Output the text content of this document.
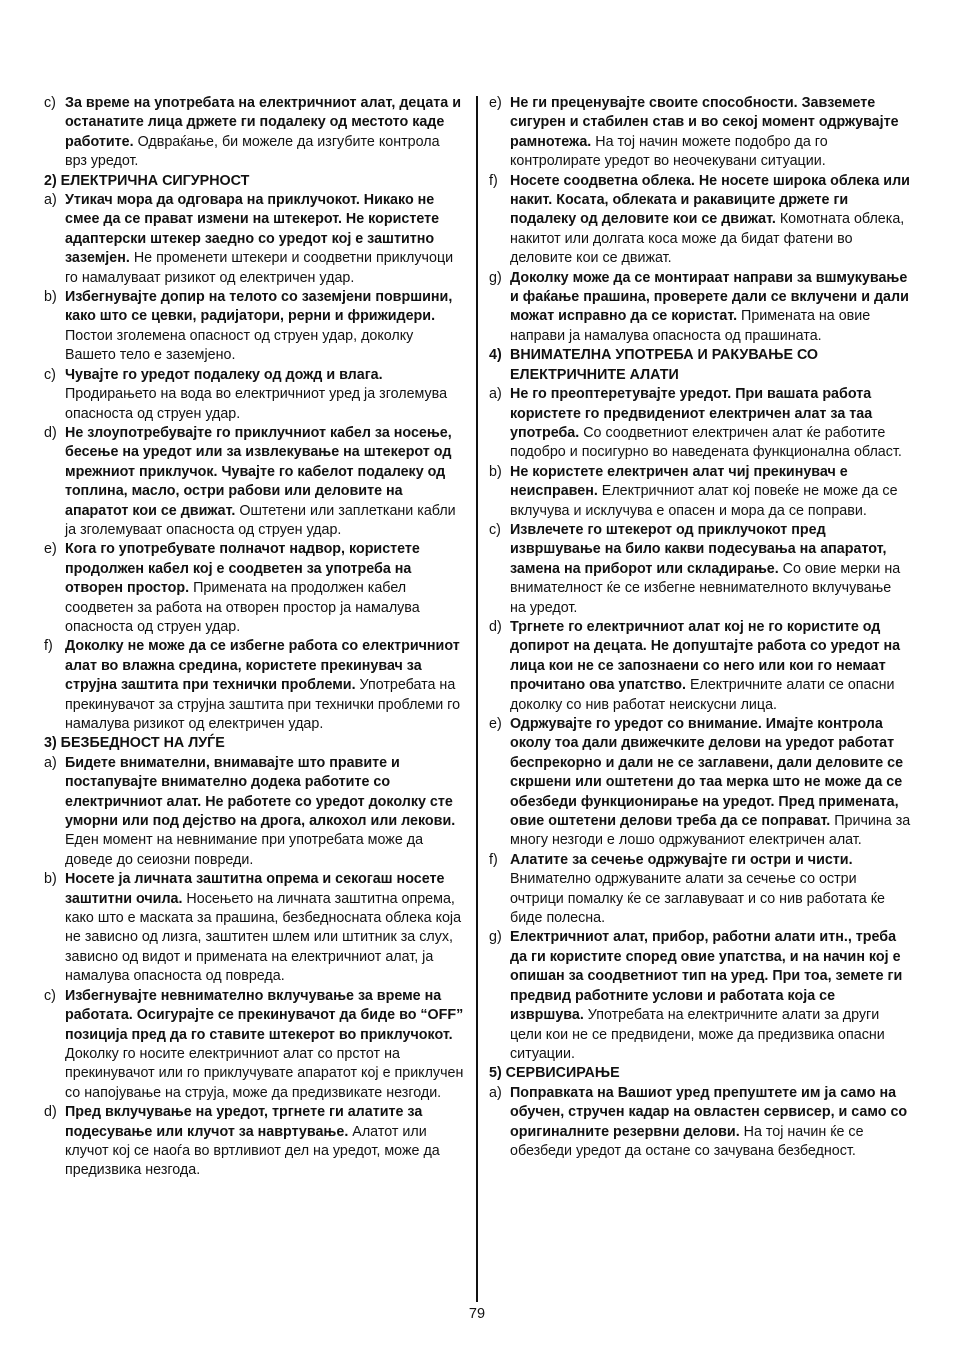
c) За време на употребата на електричниот алат, децата и останатите лица држете ги подалеку од местото каде работите. Одвраќање, би можеле да изгубите контрола врз уредот.
2) ЕЛЕКТРИЧНА СИГУРНОСТ
a) Утикач мора да одговара на приклучокот. Никако не смее да се прават измени на штекерот. Не користете адаптерски штекер заедно со уредот кој е заштитно заземјен. Не променети штекери и соодветни приклучоци го намалуваат ризикот од електричен удар.
b) Избегнувајте допир на телото со заземјени површини, како што се цевки, радијатори, рерни и фрижидери. Постои зголемена опасност од струен удар, доколку Вашето тело е заземјено.
c) Чувајте го уредот подалеку од дожд и влага. Продирањето на вода во електричниот уред ја зголемува опасноста од струен удар.
d) Не злоупотребувајте го приклучниот кабел за носење, бесење на уредот или за извлекување на штекерот од мрежниот приклучок. Чувајте го кабелот подалеку од топлина, масло, остри рабови или деловите на апаратот кои се движат. Оштетени или заплеткани кабли ја зголемуваат опасноста од струен удар.
e) Кога го употребувате полначот надвор, користете продолжен кабел кој е соодветен за употреба на отворен простор. Примената на продолжен кабел соодветен за работа на отворен простор ја намалува опасноста од струен удар.
f) Доколку не може да се избегне работа со електричниот алат во влажна средина, користете прекинувач за струјна заштита при технички проблеми. Употребата на прекинувачот за струјна заштита при технички проблеми го намалува ризикот од електричен удар.
3) БЕЗБЕДНОСТ НА ЛУЃЕ
a) Бидете внимателни, внимавајте што правите и постапувајте внимателно додека работите со електричниот алат. Не работете со уредот доколку сте уморни или под дејство на дрога, алкохол или лекови. Еден момент на невнимание при употребата може да доведе до сеиозни повреди.
b) Носете ја личната заштитна опрема и секогаш носете заштитни очила. Носењето на личната заштитна опрема, како што е маската за прашина, безбедносната облека која не зависно од лизга, заштитен шлем или штитник за слух, зависно од видот и примената на електричниот алат, ја намалува опасноста од повреда.
c) Избегнувајте невнимателно вклучување за време на работата. Осигурајте се прекинувачот да биде во “OFF” позиција пред да го ставите штекерот во приклучокот. Доколку го носите електричниот алат со прстот на прекинувачот или го приклучувате апаратот кој е приклучен со напојување на струја, може да предизвикате незгоди.
d) Пред вклучување на уредот, тргнете ги алатите за подесување или клучот за навртување. Алатот или клучот кој се наоѓа во вртливиот дел на уредот, може да предизвика незгода.
e) Не ги преценувајте своите способности. Завземете сигурен и стабилен став и во секој момент одржувајте рамнотежа. На тој начин можете подобро да го контролирате уредот во неочекувани ситуации.
f) Носете соодветна облека. Не носете широка облека или накит. Косата, облеката и ракавиците држете ги подалеку од деловите кои се движат. Комотната облека, накитот или долгата коса може да бидат фатени во деловите кои се движат.
g) Доколку може да се монтираат направи за вшмукување и фаќање прашина, проверете дали се вклучени и дали можат исправно да се користат. Примената на овие направи ја намалува опасноста од прашината.
4) ВНИМАТЕЛНА УПОТРЕБА И РАКУВАЊЕ СО ЕЛЕКТРИЧНИТЕ АЛАТИ
a) Не го преоптеретувајте уредот. При вашата работа користете го предвидениот електричен алат за таа употреба. Со соодветниот електричен алат ќе работите подобро и посигурно во наведената функционална област.
b) Не користете електричен алат чиј прекинувач е неисправен. Електричниот алат кој повеќе не може да се вклучува и исклучува е опасен и мора да се поправи.
c) Извлечете го штекерот од приклучокот пред извршување на било какви подесувања на апаратот, замена на приборот или складирање. Со овие мерки на внимателност ќе се избегне невнимателното вклучување на уредот.
d) Тргнете го електричниот алат кој не го користите од допирот на децата. Не допуштајте работа со уредот на лица кои не се запознаени со него или кои го немаат прочитано ова упатство. Електричните алати се опасни доколку со нив работат неискусни лица.
e) Одржувајте го уредот со внимание. Имајте контрола околу тоа дали движечките делови на уредот работат беспрекорно и дали не се заглавени, дали деловите се скршени или оштетени до таа мерка што не може да се обезбеди функционирање на уредот. Пред примената, овие оштетени делови треба да се поправат. Причина за многу незгоди е лошо одржуваниот електричен алат.
f) Алатите за сечење одржувајте ги остри и чисти. Внимателно одржуваните алати за сечење со остри очтрици помалку ќе се заглавуваат и со нив работата ќе биде полесна.
g) Електричниот алат, прибор, работни алати итн., треба да ги користите според овие упатства, и на начин кој е опишан за соодветниот тип на уред. При тоа, земете ги предвид работните услови и работата која се извршува. Употребата на електричните алати за други цели кои не се предвидени, може да предизвика опасни ситуации.
5) СЕРВИСИРАЊЕ
a) Поправката на Вашиот уред препуштете им ја само на обучен, стручен кадар на овластен сервисер, и само со оригиналните резервни делови. На тој начин ќе се обезбеди уредот да остане со зачувана безбедност.
79
